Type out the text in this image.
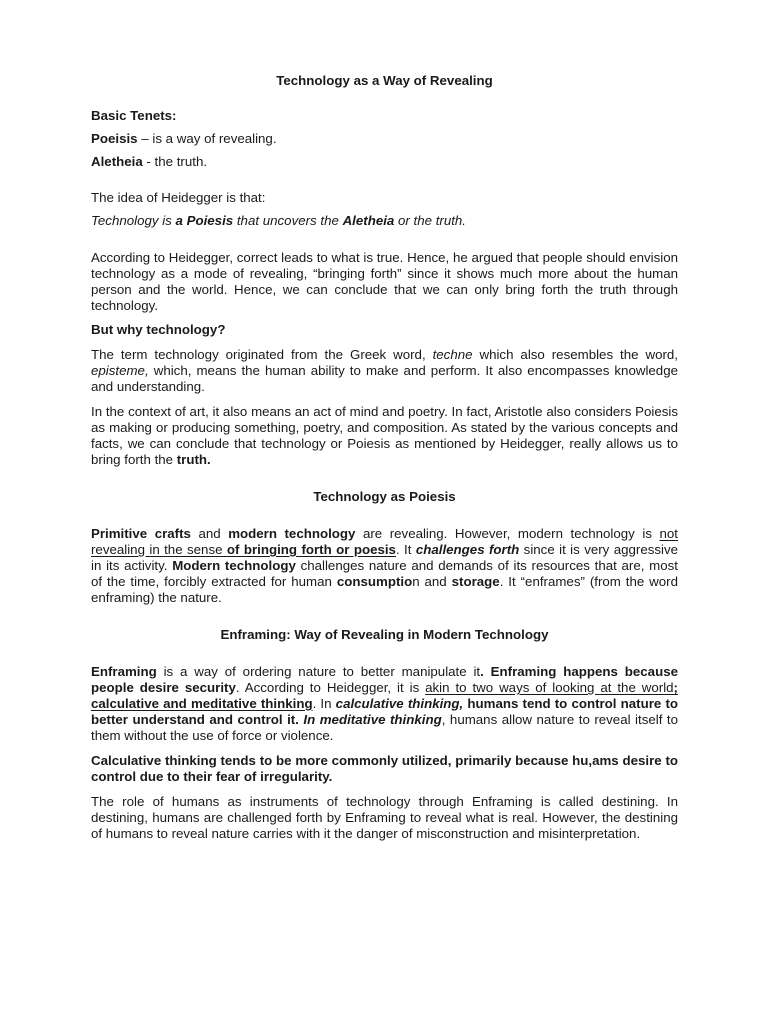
Technology as a Way of Revealing

Basic Tenets:

Poeisis – is a way of revealing.

Aletheia - the truth.

The idea of Heidegger is that:

Technology is a Poiesis that uncovers the Aletheia or the truth.

According to Heidegger, correct leads to what is true. Hence, he argued that people should envision technology as a mode of revealing, “bringing forth” since it shows much more about the human person and the world. Hence, we can conclude that we can only bring forth the truth through technology.

But why technology?

The term technology originated from the Greek word, techne which also resembles the word, episteme, which, means the human ability to make and perform. It also encompasses knowledge and understanding.

In the context of art, it also means an act of mind and poetry. In fact, Aristotle also considers Poiesis as making or producing something, poetry, and composition. As stated by the various concepts and facts, we can conclude that technology or Poiesis as mentioned by Heidegger, really allows us to bring forth the truth.

Technology as Poiesis

Primitive crafts and modern technology are revealing. However, modern technology is not revealing in the sense of bringing forth or poesis. It challenges forth since it is very aggressive in its activity. Modern technology challenges nature and demands of its resources that are, most of the time, forcibly extracted for human consumption and storage. It “enframes” (from the word enframing) the nature.

Enframing: Way of Revealing in Modern Technology

Enframing is a way of ordering nature to better manipulate it. Enframing happens because people desire security. According to Heidegger, it is akin to two ways of looking at the world; calculative and meditative thinking. In calculative thinking, humans tend to control nature to better understand and control it. In meditative thinking, humans allow nature to reveal itself to them without the use of force or violence.

Calculative thinking tends to be more commonly utilized, primarily because hu,ams desire to control due to their fear of irregularity.

The role of humans as instruments of technology through Enframing is called destining. In destining, humans are challenged forth by Enframing to reveal what is real. However, the destining of humans to reveal nature carries with it the danger of misconstruction and misinterpretation.
